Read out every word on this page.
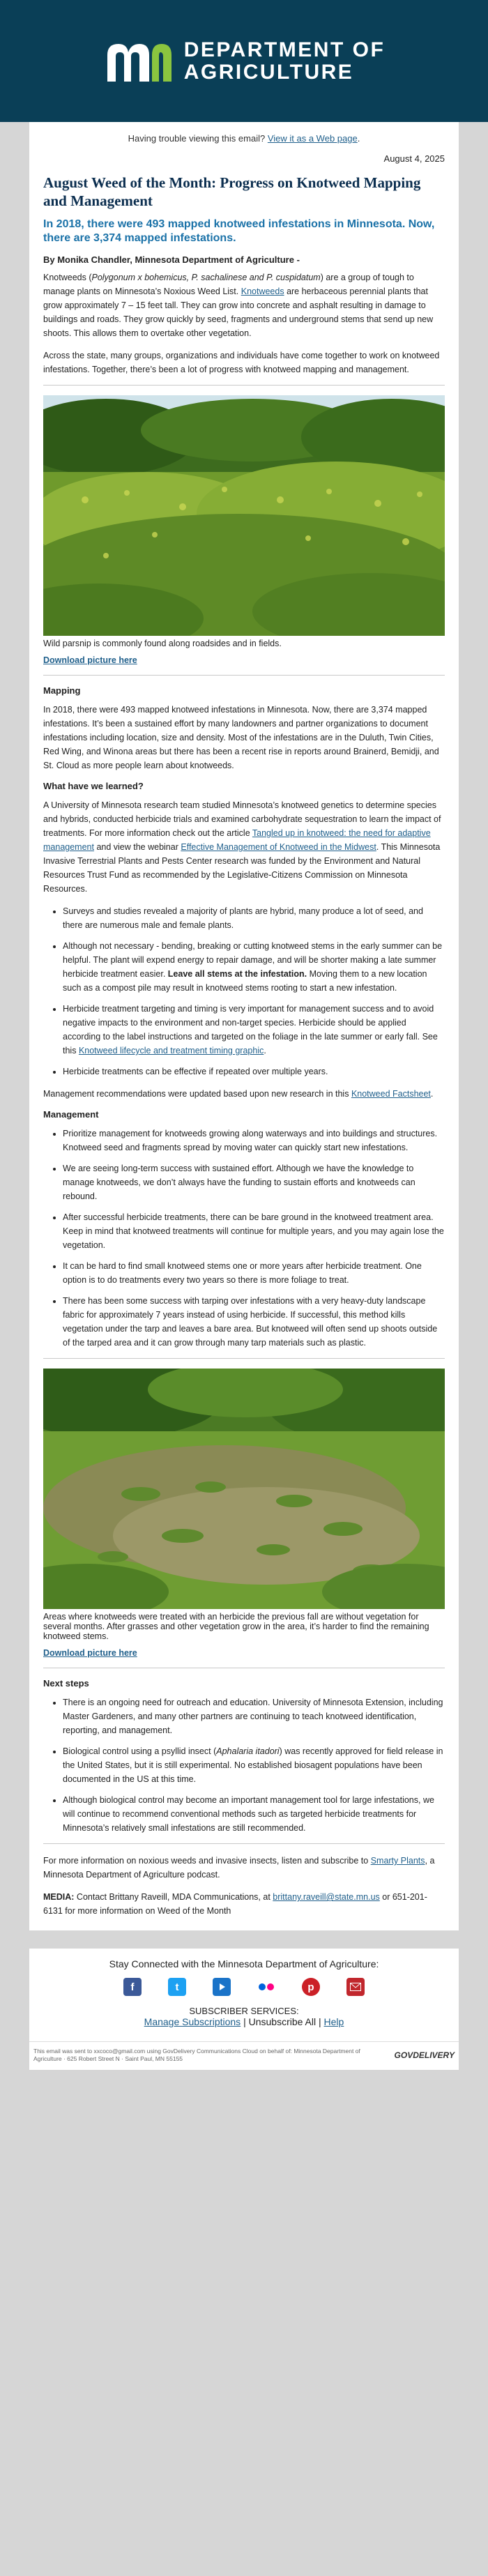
DEPARTMENT OF
AGRICULTURE
Having trouble viewing this email? View it as a Web page.
August 4, 2025
August Weed of the Month: Progress on Knotweed Mapping and Management
In 2018, there were 493 mapped knotweed infestations in Minnesota. Now, there are 3,374 mapped infestations.
By Monika Chandler, Minnesota Department of Agriculture -

Knotweeds (Polygonum x bohemicus, P. sachalinese and P. cuspidatum) are a group of tough to manage plants on Minnesota’s Noxious Weed List. Knotweeds are herbaceous perennial plants that grow approximately 7 – 15 feet tall. They can grow into concrete and asphalt resulting in damage to buildings and roads. They grow quickly by seed, fragments and underground stems that send up new shoots. This allows them to overtake other vegetation.

Across the state, many groups, organizations and individuals have come together to work on knotweed infestations. Together, there’s been a lot of progress with knotweed mapping and management.

Wild parsnip is commonly found along roadsides and in fields.
Download picture here
Mapping

In 2018, there were 493 mapped knotweed infestations in Minnesota. Now, there are 3,374 mapped infestations. It’s been a sustained effort by many landowners and partner organizations to document infestations including location, size and density. Most of the infestations are in the Duluth, Twin Cities, Red Wing, and Winona areas but there has been a recent rise in reports around Brainerd, Bemidji, and St. Cloud as more people learn about knotweeds.

What have we learned?

A University of Minnesota research team studied Minnesota’s knotweed genetics to determine species and hybrids, conducted herbicide trials and examined carbohydrate sequestration to learn the impact of treatments. For more information check out the article Tangled up in knotweed: the need for adaptive management and view the webinar Effective Management of Knotweed in the Midwest. This Minnesota Invasive Terrestrial Plants and Pests Center research was funded by the Environment and Natural Resources Trust Fund as recommended by the Legislative-Citizens Commission on Minnesota Resources.

• Surveys and studies revealed a majority of plants are hybrid, many produce a lot of seed, and there are numerous male and female plants.
• Although not necessary - bending, breaking or cutting knotweed stems in the early summer can be helpful. The plant will expend energy to repair damage, and will be shorter making a late summer herbicide treatment easier. Leave all stems at the infestation. Moving them to a new location such as a compost pile may result in knotweed stems rooting to start a new infestation.
• Herbicide treatment targeting and timing is very important for management success and to avoid negative impacts to the environment and non-target species. Herbicide should be applied according to the label instructions and targeted on the foliage in the late summer or early fall. See this Knotweed lifecycle and treatment timing graphic.
• Herbicide treatments can be effective if repeated over multiple years.

Management recommendations were updated based upon new research in this Knotweed Factsheet.

Management
• Prioritize management for knotweeds growing along waterways and into buildings and structures. Knotweed seed and fragments spread by moving water can quickly start new infestations.
• We are seeing long-term success with sustained effort. Although we have the knowledge to manage knotweeds, we don’t always have the funding to sustain efforts and knotweeds can rebound.
• After successful herbicide treatments, there can be bare ground in the knotweed treatment area. Keep in mind that knotweed treatments will continue for multiple years, and you may again lose the vegetation.
• It can be hard to find small knotweed stems one or more years after herbicide treatment. One option is to do treatments every two years so there is more foliage to treat.
• There has been some success with tarping over infestations with a very heavy-duty landscape fabric for approximately 7 years instead of using herbicide. If successful, this method kills vegetation under the tarp and leaves a bare area. But knotweed will often send up shoots outside of the tarped area and it can grow through many tarp materials such as plastic.
Areas where knotweeds were treated with an herbicide the previous fall are without vegetation for several months. After grasses and other vegetation grow in the area, it’s harder to find the remaining knotweed stems.
Download picture here
Next steps
• There is an ongoing need for outreach and education. University of Minnesota Extension, including Master Gardeners, and many other partners are continuing to teach knotweed identification, reporting, and management.
• Biological control using a psyllid insect (Aphalaria itadori) was recently approved for field release in the United States, but it is still experimental. No established biosagent populations have been documented in the US at this time.
• Although biological control may become an important management tool for large infestations, we will continue to recommend conventional methods such as targeted herbicide treatments for Minnesota’s relatively small infestations are still recommended.

For more information on noxious weeds and invasive insects, listen and subscribe to Smarty Plants, a Minnesota Department of Agriculture podcast.

MEDIA: Contact Brittany Raveill, MDA Communications, at brittany.raveill@state.mn.us or 651-201-6131 for more information on Weed of the Month

Stay Connected with the Minnesota Department of Agriculture:
f	t	p
SUBSCRIBER SERVICES:
Manage Subscriptions | Unsubscribe All | Help
This email was sent to xxcoco@gmail.com using GovDelivery Communications Cloud on behalf of: Minnesota Department of Agriculture · 625 Robert Street N · Saint Paul, MN 55155	GOVDELIVERY
